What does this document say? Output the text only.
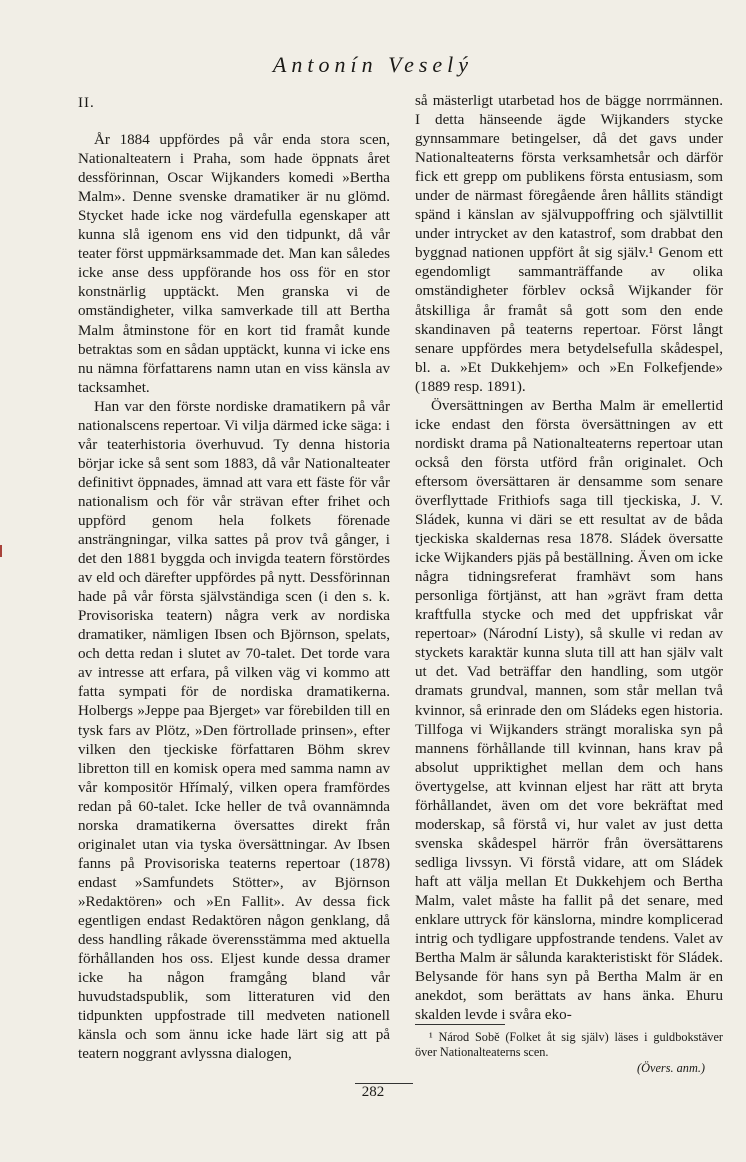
Antonín Veselý

II.

År 1884 uppfördes på vår enda stora scen, Nationalteatern i Praha, som hade öppnats året dessförinnan, Oscar Wijkanders komedi »Bertha Malm». Denne svenske dramatiker är nu glömd. Stycket hade icke nog värdefulla egenskaper att kunna slå igenom ens vid den tidpunkt, då vår teater först uppmärksammade det. Man kan således icke anse dess uppförande hos oss för en stor konstnärlig upptäckt. Men granska vi de omständigheter, vilka samverkade till att Bertha Malm åtminstone för en kort tid framåt kunde betraktas som en sådan upptäckt, kunna vi icke ens nu nämna författarens namn utan en viss känsla av tacksamhet.

Han var den förste nordiske dramatikern på vår nationalscens repertoar. Vi vilja därmed icke säga: i vår teaterhistoria överhuvud. Ty denna historia börjar icke så sent som 1883, då vår Nationalteater definitivt öppnades, ämnad att vara ett fäste för vår nationalism och för vår strävan efter frihet och uppförd genom hela folkets förenade ansträngningar, vilka sattes på prov två gånger, i det den 1881 byggda och invigda teatern förstördes av eld och därefter uppfördes på nytt. Dessförinnan hade på vår första självständiga scen (i den s. k. Provisoriska teatern) några verk av nordiska dramatiker, nämligen Ibsen och Björnson, spelats, och detta redan i slutet av 70-talet. Det torde vara av intresse att erfara, på vilken väg vi kommo att fatta sympati för de nordiska dramatikerna. Holbergs »Jeppe paa Bjerget» var förebilden till en tysk fars av Plötz, »Den förtrollade prinsen», efter vilken den tjeckiske författaren Böhm skrev libretton till en komisk opera med samma namn av vår kompositör Hřímalý, vilken opera framfördes redan på 60-talet. Icke heller de två ovannämnda norska dramatikerna översattes direkt från originalet utan via tyska översättningar. Av Ibsen fanns på Provisoriska teaterns repertoar (1878) endast »Samfundets Stötter», av Björnson »Redaktören» och »En Fallit». Av dessa fick egentligen endast Redaktören någon genklang, då dess handling råkade överensstämma med aktuella förhållanden hos oss. Eljest kunde dessa dramer icke ha någon framgång bland vår huvudstadspublik, som litteraturen vid den tidpunkten uppfostrade till medveten nationell känsla och som ännu icke hade lärt sig att på teatern noggrant avlyssna dialogen,

så mästerligt utarbetad hos de bägge norrmännen. I detta hänseende ägde Wijkanders stycke gynnsammare betingelser, då det gavs under Nationalteaterns första verksamhetsår och därför fick ett grepp om publikens första entusiasm, som under de närmast föregående åren hållits ständigt spänd i känslan av självuppoffring och självtillit under intrycket av den katastrof, som drabbat den byggnad nationen uppfört åt sig själv.¹ Genom ett egendomligt sammanträffande av olika omständigheter förblev också Wijkander för åtskilliga år framåt så gott som den ende skandinaven på teaterns repertoar. Först långt senare uppfördes mera betydelsefulla skådespel, bl. a. »Et Dukkehjem» och »En Folkefjende» (1889 resp. 1891).

Översättningen av Bertha Malm är emellertid icke endast den första översättningen av ett nordiskt drama på Nationalteaterns repertoar utan också den första utförd från originalet. Och eftersom översättaren är densamme som senare överflyttade Frithiofs saga till tjeckiska, J. V. Sládek, kunna vi däri se ett resultat av de båda tjeckiska skaldernas resa 1878. Sládek översatte icke Wijkanders pjäs på beställning. Även om icke några tidningsreferat framhävt som hans personliga förtjänst, att han »grävt fram detta kraftfulla stycke och med det uppfriskat vår repertoar» (Národní Listy), så skulle vi redan av styckets karaktär kunna sluta till att han själv valt ut det. Vad beträffar den handling, som utgör dramats grundval, mannen, som står mellan två kvinnor, så erinrade den om Sládeks egen historia. Tillfoga vi Wijkanders strängt moraliska syn på mannens förhållande till kvinnan, hans krav på absolut uppriktighet mellan dem och hans övertygelse, att kvinnan eljest har rätt att bryta förhållandet, även om det vore bekräftat med moderskap, så förstå vi, hur valet av just detta svenska skådespel härrör från översättarens sedliga livssyn. Vi förstå vidare, att om Sládek haft att välja mellan Et Dukkehjem och Bertha Malm, valet måste ha fallit på det senare, med enklare uttryck för känslorna, mindre komplicerad intrig och tydligare uppfostrande tendens. Valet av Bertha Malm är sålunda karakteristiskt för Sládek. Belysande för hans syn på Bertha Malm är en anekdot, som berättats av hans änka. Ehuru skalden levde i svåra eko-

¹ Národ Sobě (Folket åt sig själv) läses i guldbokstäver över Nationalteaterns scen.

(Övers. anm.)

282
